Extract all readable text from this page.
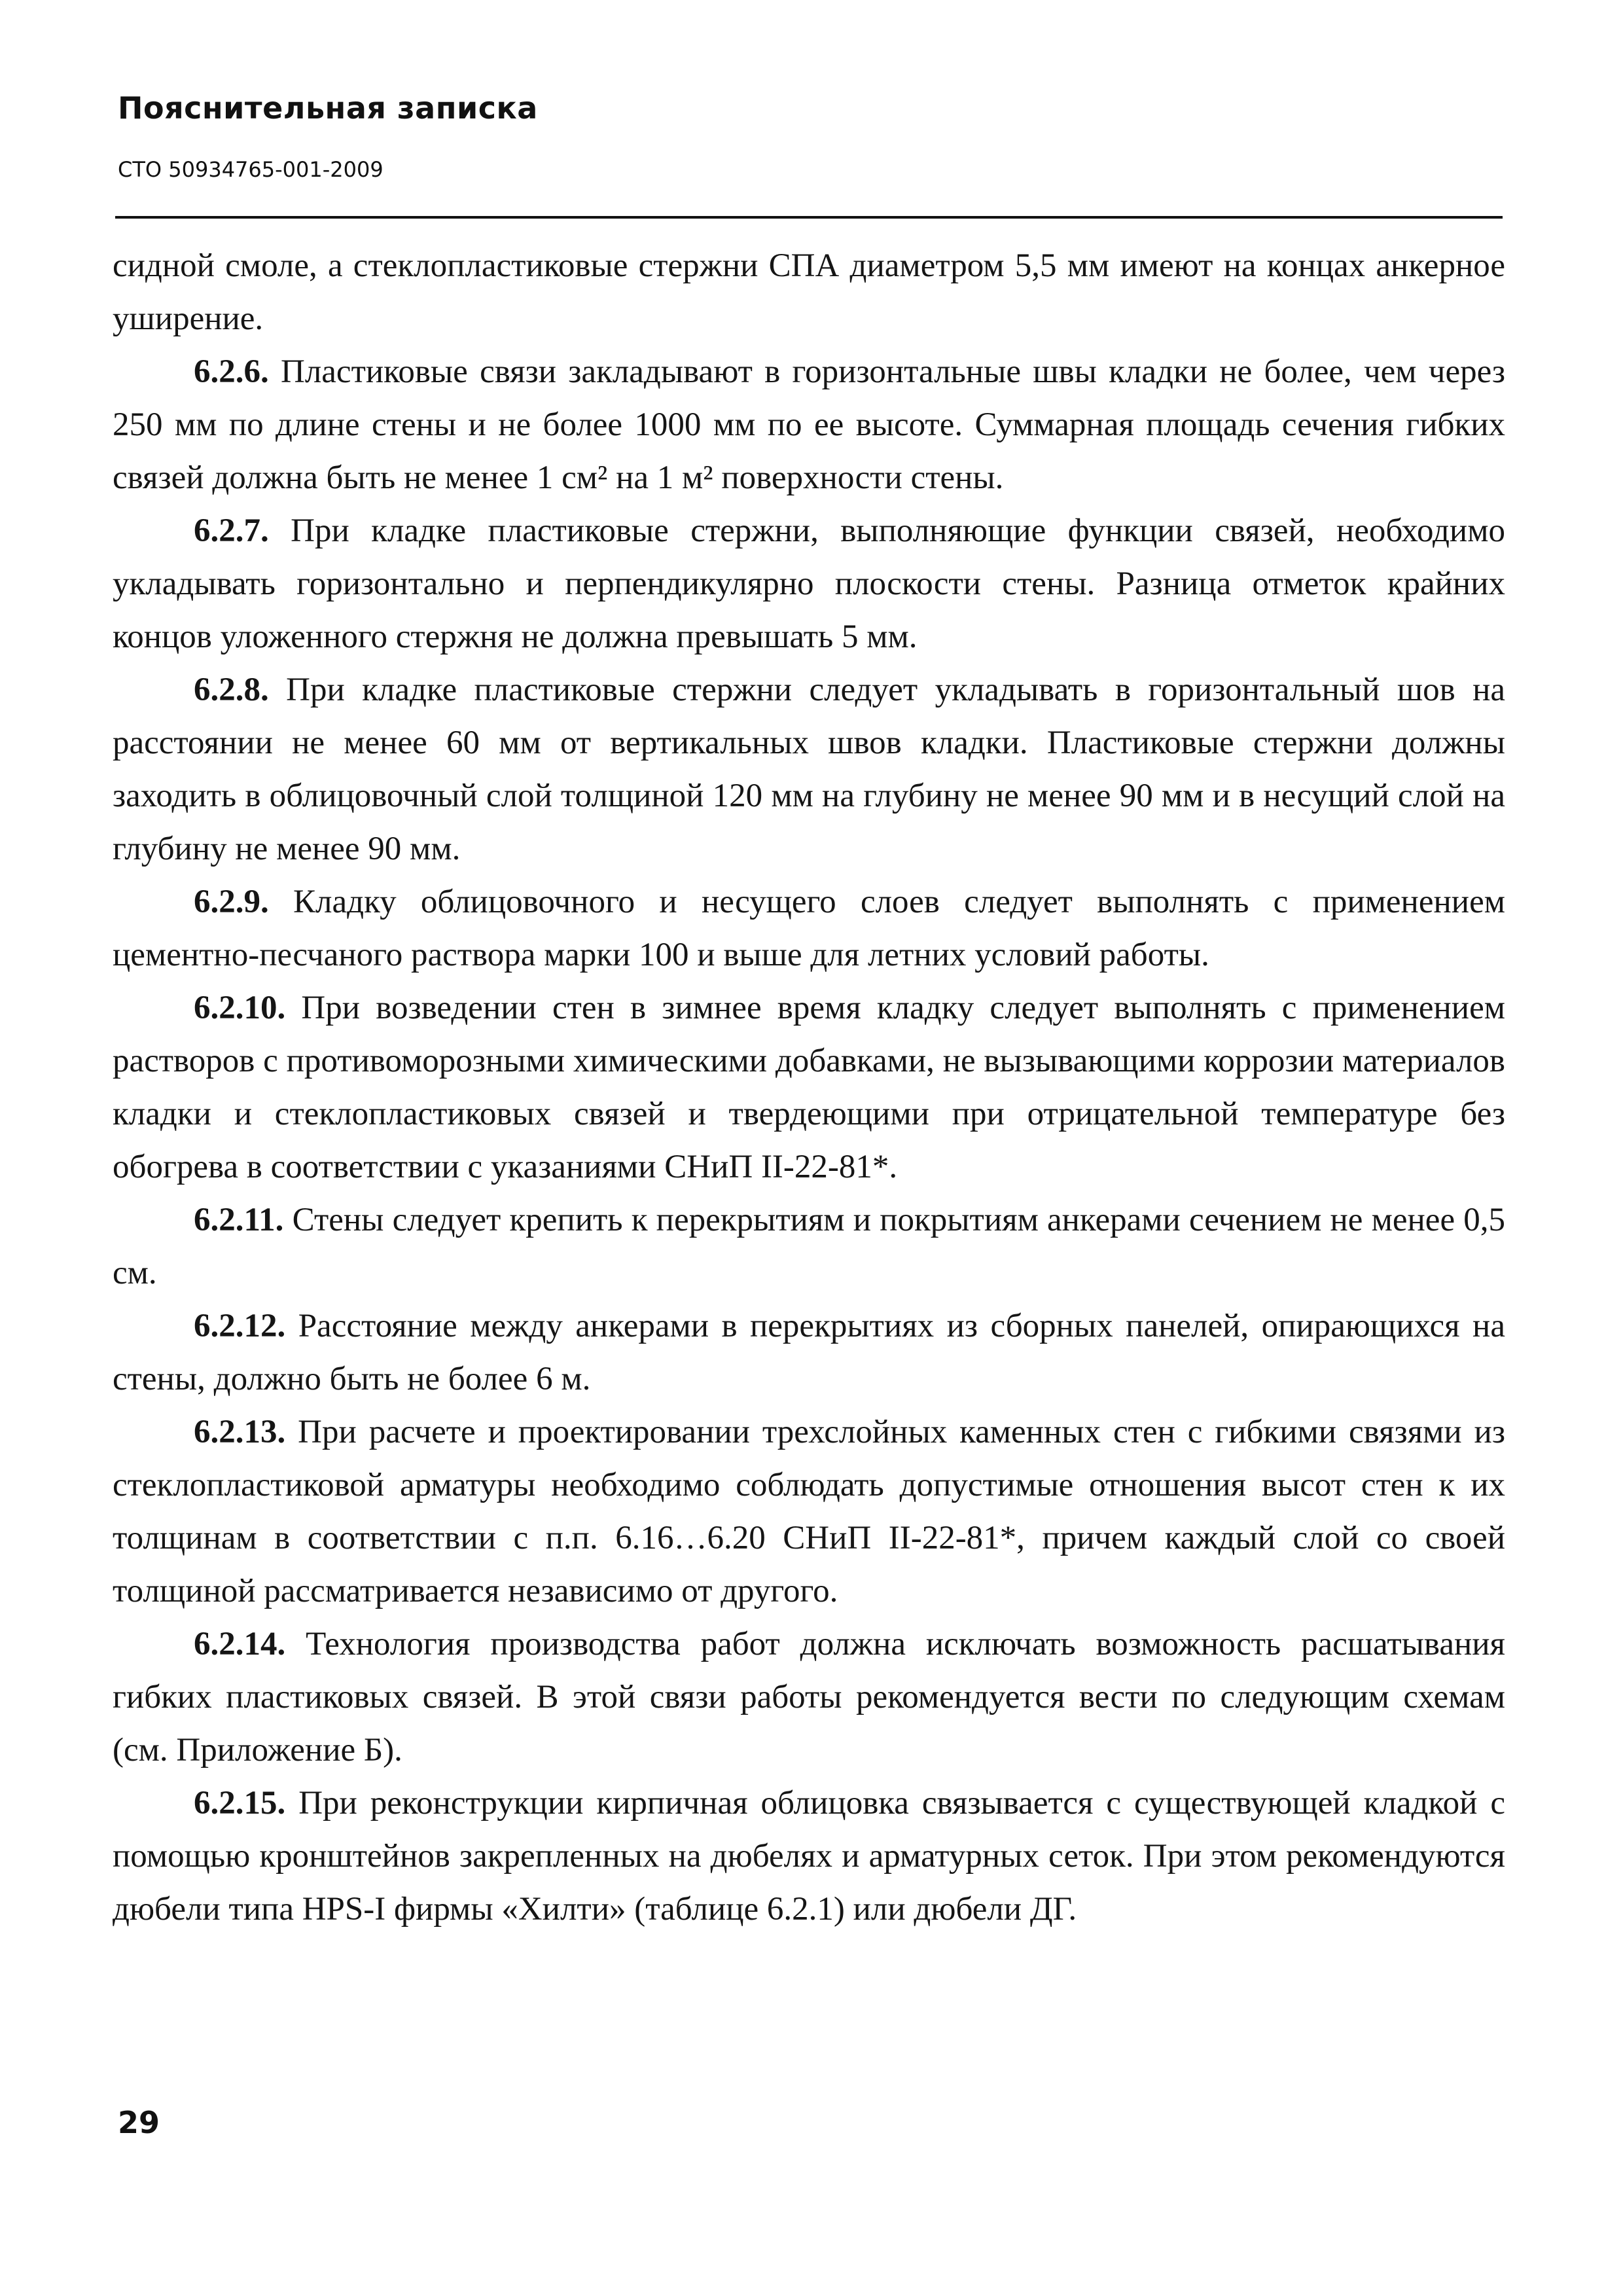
Пояснительная записка
СТО 50934765-001-2009

сидной смоле, а стеклопластиковые стержни СПА диаметром 5,5 мм имеют на концах анкерное уширение.

6.2.6. Пластиковые связи закладывают в горизонтальные швы кладки не более, чем через 250 мм по длине стены и не более 1000 мм по ее высоте. Суммарная площадь сечения гибких связей должна быть не менее 1 см² на 1 м² поверхности стены.

6.2.7. При кладке пластиковые стержни, выполняющие функции связей, необходимо укладывать горизонтально и перпендикулярно плоскости стены. Разница отметок крайних концов уложенного стержня не должна превышать 5 мм.

6.2.8. При кладке пластиковые стержни следует укладывать в горизонтальный шов на расстоянии не менее 60 мм от вертикальных швов кладки. Пластиковые стержни должны заходить в облицовочный слой толщиной 120 мм на глубину не менее 90 мм и в несущий слой на глубину не менее 90 мм.

6.2.9. Кладку облицовочного и несущего слоев следует выполнять с применением цементно-песчаного раствора марки 100 и выше для летних условий работы.

6.2.10. При возведении стен в зимнее время кладку следует выполнять с применением растворов с противоморозными химическими добавками, не вызывающими коррозии материалов кладки и стеклопластиковых связей и твердеющими при отрицательной температуре без обогрева в соответствии с указаниями СНиП II-22-81*.

6.2.11. Стены следует крепить к перекрытиям и покрытиям анкерами сечением не менее 0,5 см.

6.2.12. Расстояние между анкерами в перекрытиях из сборных панелей, опирающихся на стены, должно быть не более 6 м.

6.2.13. При расчете и проектировании трехслойных каменных стен с гибкими связями из стеклопластиковой арматуры необходимо соблюдать допустимые отношения высот стен к их толщинам в соответствии с п.п. 6.16…6.20 СНиП II-22-81*, причем каждый слой со своей толщиной рассматривается независимо от другого.

6.2.14. Технология производства работ должна исключать возможность расшатывания гибких пластиковых связей. В этой связи работы рекомендуется вести по следующим схемам (см. Приложение Б).

6.2.15. При реконструкции кирпичная облицовка связывается с существующей кладкой с помощью кронштейнов закрепленных на дюбелях и арматурных сеток. При этом рекомендуются дюбели типа HPS-I фирмы «Хилти» (таблице 6.2.1) или дюбели ДГ.

29
